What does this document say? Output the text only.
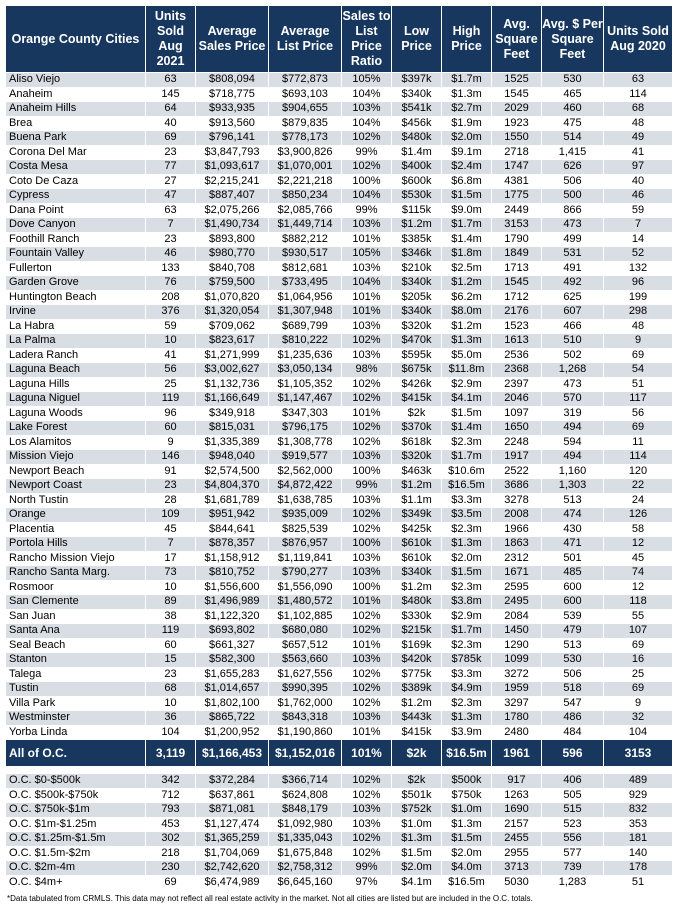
Orange County Cities	Units Sold Aug 2021	Average Sales Price	Average List Price	Sales to List Price Ratio	Low Price	High Price	Avg. Square Feet	Avg. $ Per Square Feet	Units Sold Aug 2020
Aliso Viejo	63	$808,094	$772,873	105%	$397k	$1.7m	1525	530	63
Anaheim	145	$718,775	$693,103	104%	$340k	$1.3m	1545	465	114
Anaheim Hills	64	$933,935	$904,655	103%	$541k	$2.7m	2029	460	68
Brea	40	$913,560	$879,835	104%	$456k	$1.9m	1923	475	48
Buena Park	69	$796,141	$778,173	102%	$480k	$2.0m	1550	514	49
Corona Del Mar	23	$3,847,793	$3,900,826	99%	$1.4m	$9.1m	2718	1,415	41
Costa Mesa	77	$1,093,617	$1,070,001	102%	$400k	$2.4m	1747	626	97
Coto De Caza	27	$2,215,241	$2,221,218	100%	$600k	$6.8m	4381	506	40
Cypress	47	$887,407	$850,234	104%	$530k	$1.5m	1775	500	46
Dana Point	63	$2,075,266	$2,085,766	99%	$115k	$9.0m	2449	866	59
Dove Canyon	7	$1,490,734	$1,449,714	103%	$1.2m	$1.7m	3153	473	7
Foothill Ranch	23	$893,800	$882,212	101%	$385k	$1.4m	1790	499	14
Fountain Valley	46	$980,770	$930,517	105%	$346k	$1.8m	1849	531	52
Fullerton	133	$840,708	$812,681	103%	$210k	$2.5m	1713	491	132
Garden Grove	76	$759,500	$733,495	104%	$340k	$1.2m	1545	492	96
Huntington Beach	208	$1,070,820	$1,064,956	101%	$205k	$6.2m	1712	625	199
Irvine	376	$1,320,054	$1,307,948	101%	$340k	$8.0m	2176	607	298
La Habra	59	$709,062	$689,799	103%	$320k	$1.2m	1523	466	48
La Palma	10	$823,617	$810,222	102%	$470k	$1.3m	1613	510	9
Ladera Ranch	41	$1,271,999	$1,235,636	103%	$595k	$5.0m	2536	502	69
Laguna Beach	56	$3,002,627	$3,050,134	98%	$675k	$11.8m	2368	1,268	54
Laguna Hills	25	$1,132,736	$1,105,352	102%	$426k	$2.9m	2397	473	51
Laguna Niguel	119	$1,166,649	$1,147,467	102%	$415k	$4.1m	2046	570	117
Laguna Woods	96	$349,918	$347,303	101%	$2k	$1.5m	1097	319	56
Lake Forest	60	$815,031	$796,175	102%	$370k	$1.4m	1650	494	69
Los Alamitos	9	$1,335,389	$1,308,778	102%	$618k	$2.3m	2248	594	11
Mission Viejo	146	$948,040	$919,577	103%	$320k	$1.7m	1917	494	114
Newport Beach	91	$2,574,500	$2,562,000	100%	$463k	$10.6m	2522	1,160	120
Newport Coast	23	$4,804,370	$4,872,422	99%	$1.2m	$16.5m	3686	1,303	22
North Tustin	28	$1,681,789	$1,638,785	103%	$1.1m	$3.3m	3278	513	24
Orange	109	$951,942	$935,009	102%	$349k	$3.5m	2008	474	126
Placentia	45	$844,641	$825,539	102%	$425k	$2.3m	1966	430	58
Portola Hills	7	$878,357	$876,957	100%	$610k	$1.3m	1863	471	12
Rancho Mission Viejo	17	$1,158,912	$1,119,841	103%	$610k	$2.0m	2312	501	45
Rancho Santa Marg.	73	$810,752	$790,277	103%	$340k	$1.5m	1671	485	74
Rosmoor	10	$1,556,600	$1,556,090	100%	$1.2m	$2.3m	2595	600	12
San Clemente	89	$1,496,989	$1,480,572	101%	$480k	$3.8m	2495	600	118
San Juan	38	$1,122,320	$1,102,885	102%	$330k	$2.9m	2084	539	55
Santa Ana	119	$693,802	$680,080	102%	$215k	$1.7m	1450	479	107
Seal Beach	60	$661,327	$657,512	101%	$169k	$2.3m	1290	513	69
Stanton	15	$582,300	$563,660	103%	$420k	$785k	1099	530	16
Talega	23	$1,655,283	$1,627,556	102%	$775k	$3.3m	3272	506	25
Tustin	68	$1,014,657	$990,395	102%	$389k	$4.9m	1959	518	69
Villa Park	10	$1,802,100	$1,762,000	102%	$1.2m	$2.3m	3297	547	9
Westminster	36	$865,722	$843,318	103%	$443k	$1.3m	1780	486	32
Yorba Linda	104	$1,200,952	$1,190,860	101%	$415k	$3.9m	2480	484	104
All of O.C.	3,119	$1,166,453	$1,152,016	101%	$2k	$16.5m	1961	596	3153

O.C. $0-$500k	342	$372,284	$366,714	102%	$2k	$500k	917	406	489
O.C. $500k-$750k	712	$637,861	$624,808	102%	$501k	$750k	1263	505	929
O.C. $750k-$1m	793	$871,081	$848,179	103%	$752k	$1.0m	1690	515	832
O.C. $1m-$1.25m	453	$1,127,474	$1,092,980	103%	$1.0m	$1.3m	2157	523	353
O.C. $1.25m-$1.5m	302	$1,365,259	$1,335,043	102%	$1.3m	$1.5m	2455	556	181
O.C. $1.5m-$2m	218	$1,704,069	$1,675,848	102%	$1.5m	$2.0m	2955	577	140
O.C. $2m-4m	230	$2,742,620	$2,758,312	99%	$2.0m	$4.0m	3713	739	178
O.C. $4m+	69	$6,474,989	$6,645,160	97%	$4.1m	$16.5m	5030	1,283	51
*Data tabulated from CRMLS. This data may not reflect all real estate activity in the market. Not all cities are listed but are included in the O.C. totals.
